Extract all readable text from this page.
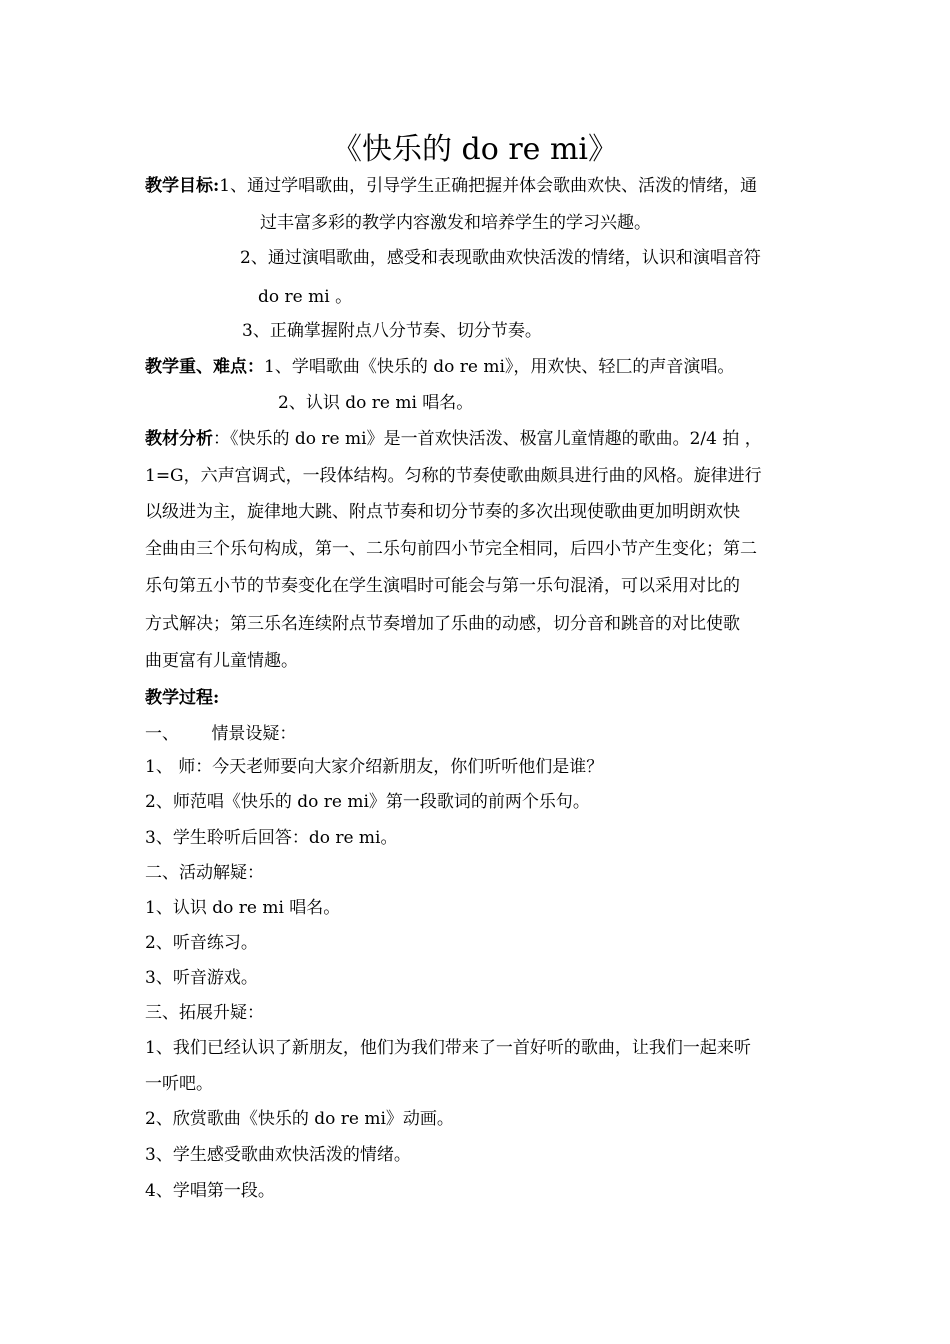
《快乐的 do re mi》
教学目标:1、通过学唱歌曲，引导学生正确把握并体会歌曲欢快、活泼的情绪，通
过丰富多彩的教学内容激发和培养学生的学习兴趣。
2、通过演唱歌曲，感受和表现歌曲欢快活泼的情绪，认识和演唱音符
do re mi 。
3、正确掌握附点八分节奏、切分节奏。
教学重、难点：1、学唱歌曲《快乐的 do re mi》，用欢快、轻匚的声音演唱。
2、认识 do re mi 唱名。
教材分析：《快乐的 do re mi》是一首欢快活泼、极富儿童情趣的歌曲。2/4 拍 ，
1=G，六声宫调式，一段体结构。匀称的节奏使歌曲颇具进行曲的风格。旋律进行
以级进为主，旋律地大跳、附点节奏和切分节奏的多次出现使歌曲更加明朗欢快
全曲由三个乐句构成，第一、二乐句前四小节完全相同，后四小节产生变化；第二
乐句第五小节的节奏变化在学生演唱时可能会与第一乐句混淆，可以采用对比的
方式解决；第三乐名连续附点节奏增加了乐曲的动感，切分音和跳音的对比使歌
曲更富有儿童情趣。
教学过程:
一、      情景设疑：
1、 师：今天老师要向大家介绍新朋友，你们听听他们是谁？
2、师范唱《快乐的 do re mi》第一段歌词的前两个乐句。
3、学生聆听后回答：do re mi。
二、活动解疑：
1、认识 do re mi 唱名。
2、听音练习。
3、听音游戏。
三、拓展升疑：
1、我们已经认识了新朋友，他们为我们带来了一首好听的歌曲，让我们一起来听
一听吧。
2、欣赏歌曲《快乐的 do re mi》动画。
3、学生感受歌曲欢快活泼的情绪。
4、学唱第一段。
